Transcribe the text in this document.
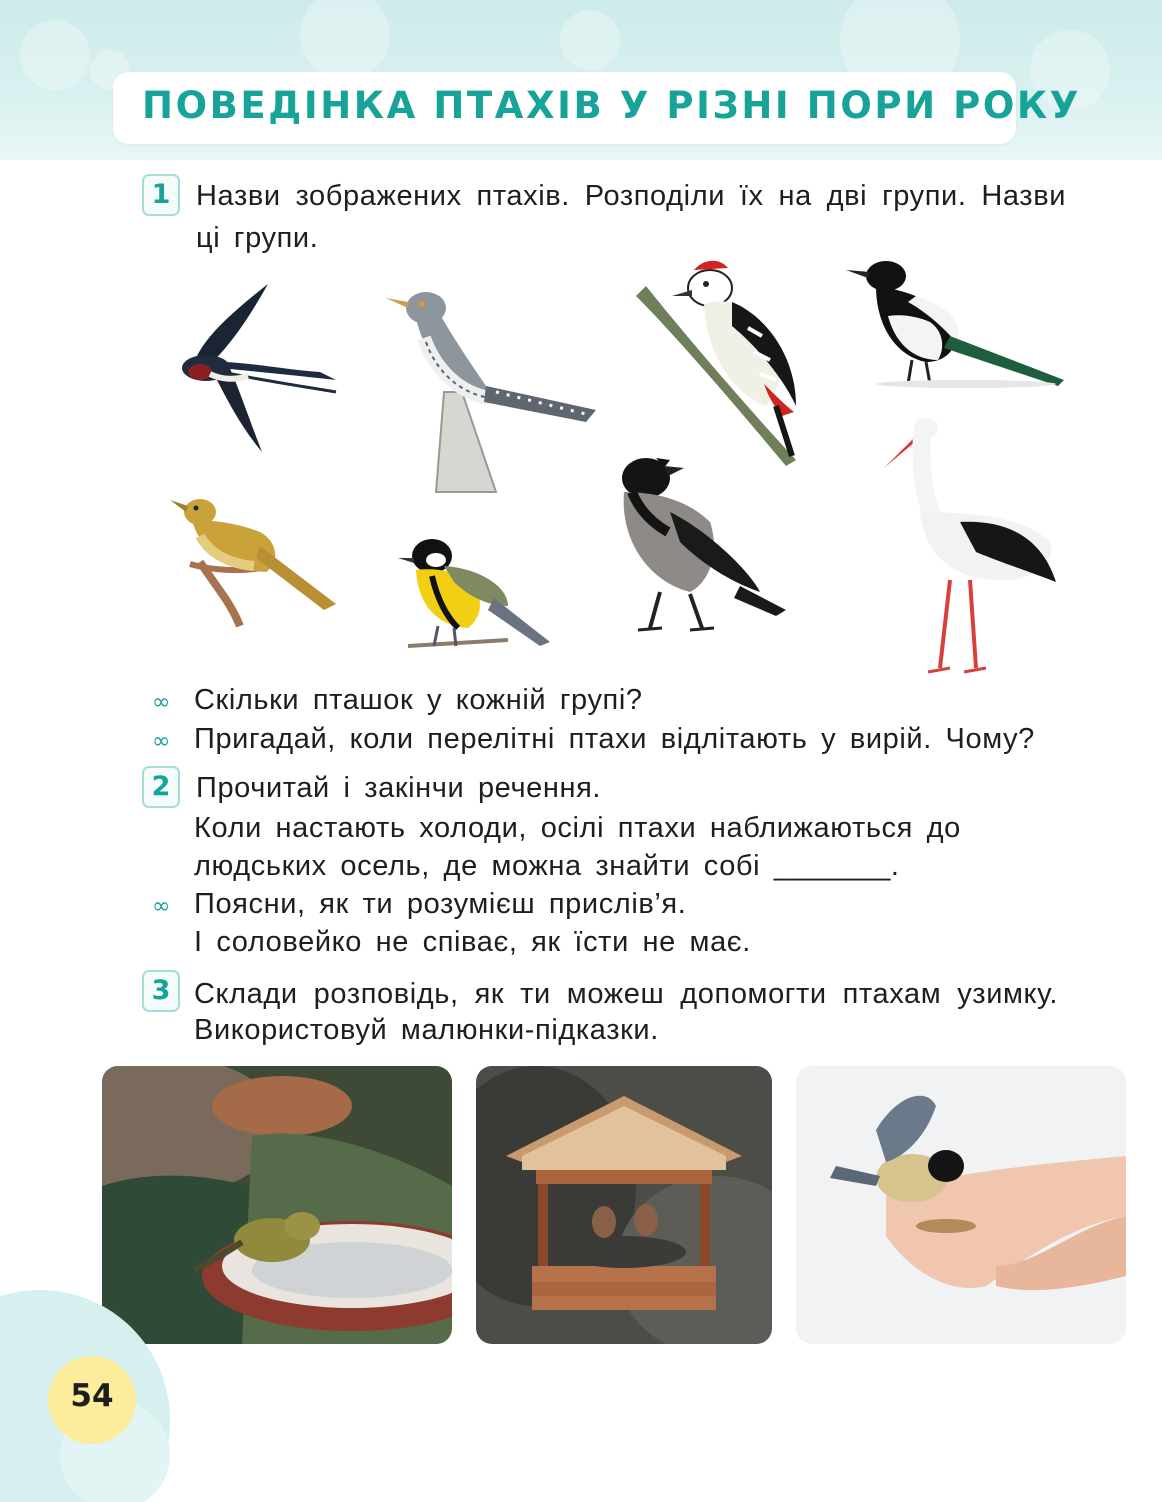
ПОВЕДІНКА ПТАХІВ У РІЗНІ ПОРИ РОКУ
1 Назви зображених птахів. Розподіли їх на дві групи. Назви
ці групи.
∞ Скільки пташок у кожній групі?
∞ Пригадай, коли перелітні птахи відлітають у вирій. Чому?
2 Прочитай і закінчи речення.
Коли настають холоди, осілі птахи наближаються до
людських осель, де можна знайти собі _______.
∞ Поясни, як ти розумієш прислів’я.
І соловейко не співає, як їсти не має.
3 Склади розповідь, як ти можеш допомогти птахам узимку.
Використовуй малюнки-підказки.
54
